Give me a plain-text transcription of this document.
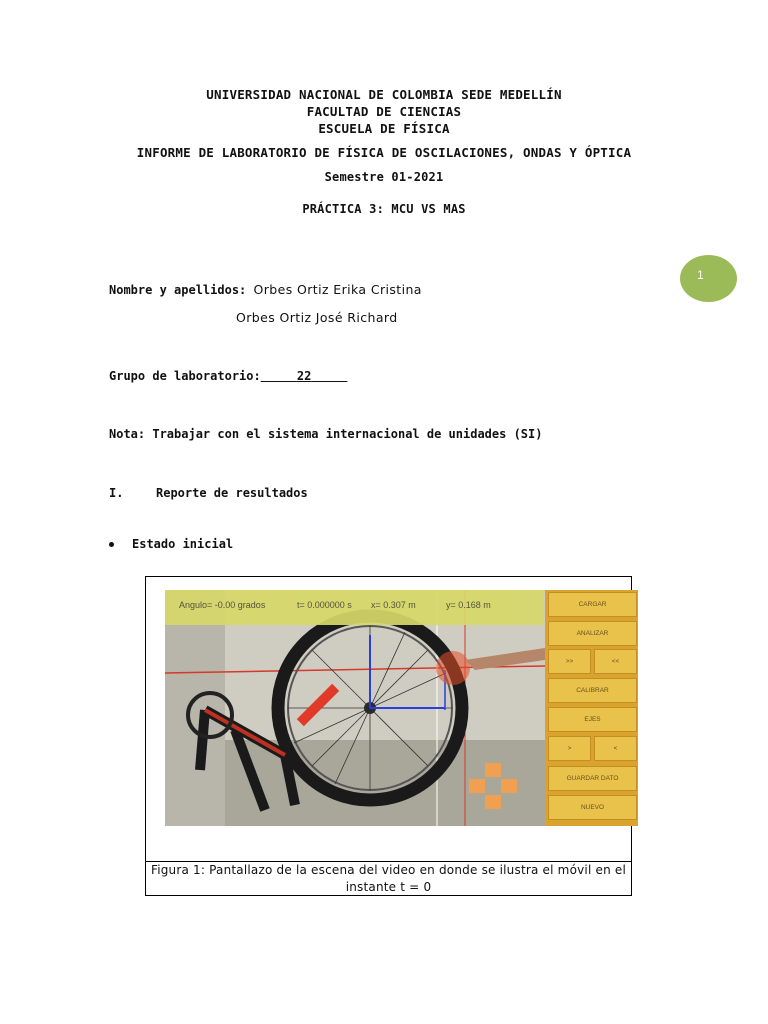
UNIVERSIDAD NACIONAL DE COLOMBIA SEDE MEDELLÍN
FACULTAD DE CIENCIAS
ESCUELA DE FÍSICA
INFORME DE LABORATORIO DE FÍSICA DE OSCILACIONES, ONDAS Y ÓPTICA
Semestre 01-2021
PRÁCTICA 3: MCU VS MAS
1
Nombre y apellidos: Orbes Ortiz Erika Cristina
Orbes Ortiz José Richard
Grupo de laboratorio:	22
Nota: Trabajar con el sistema internacional de unidades (SI)
I.	Reporte de resultados
Estado inicial
Angulo= -0.00 grados	t= 0.000000 s x= 0.307 m	y= 0.168 m	CARGAR
ANALIZAR
>>	<<
CALIBRAR
EJES
>	<
GUARDAR DATO
NUEVO
Figura 1: Pantallazo de la escena del video en donde se ilustra el móvil en el
instante t = 0
